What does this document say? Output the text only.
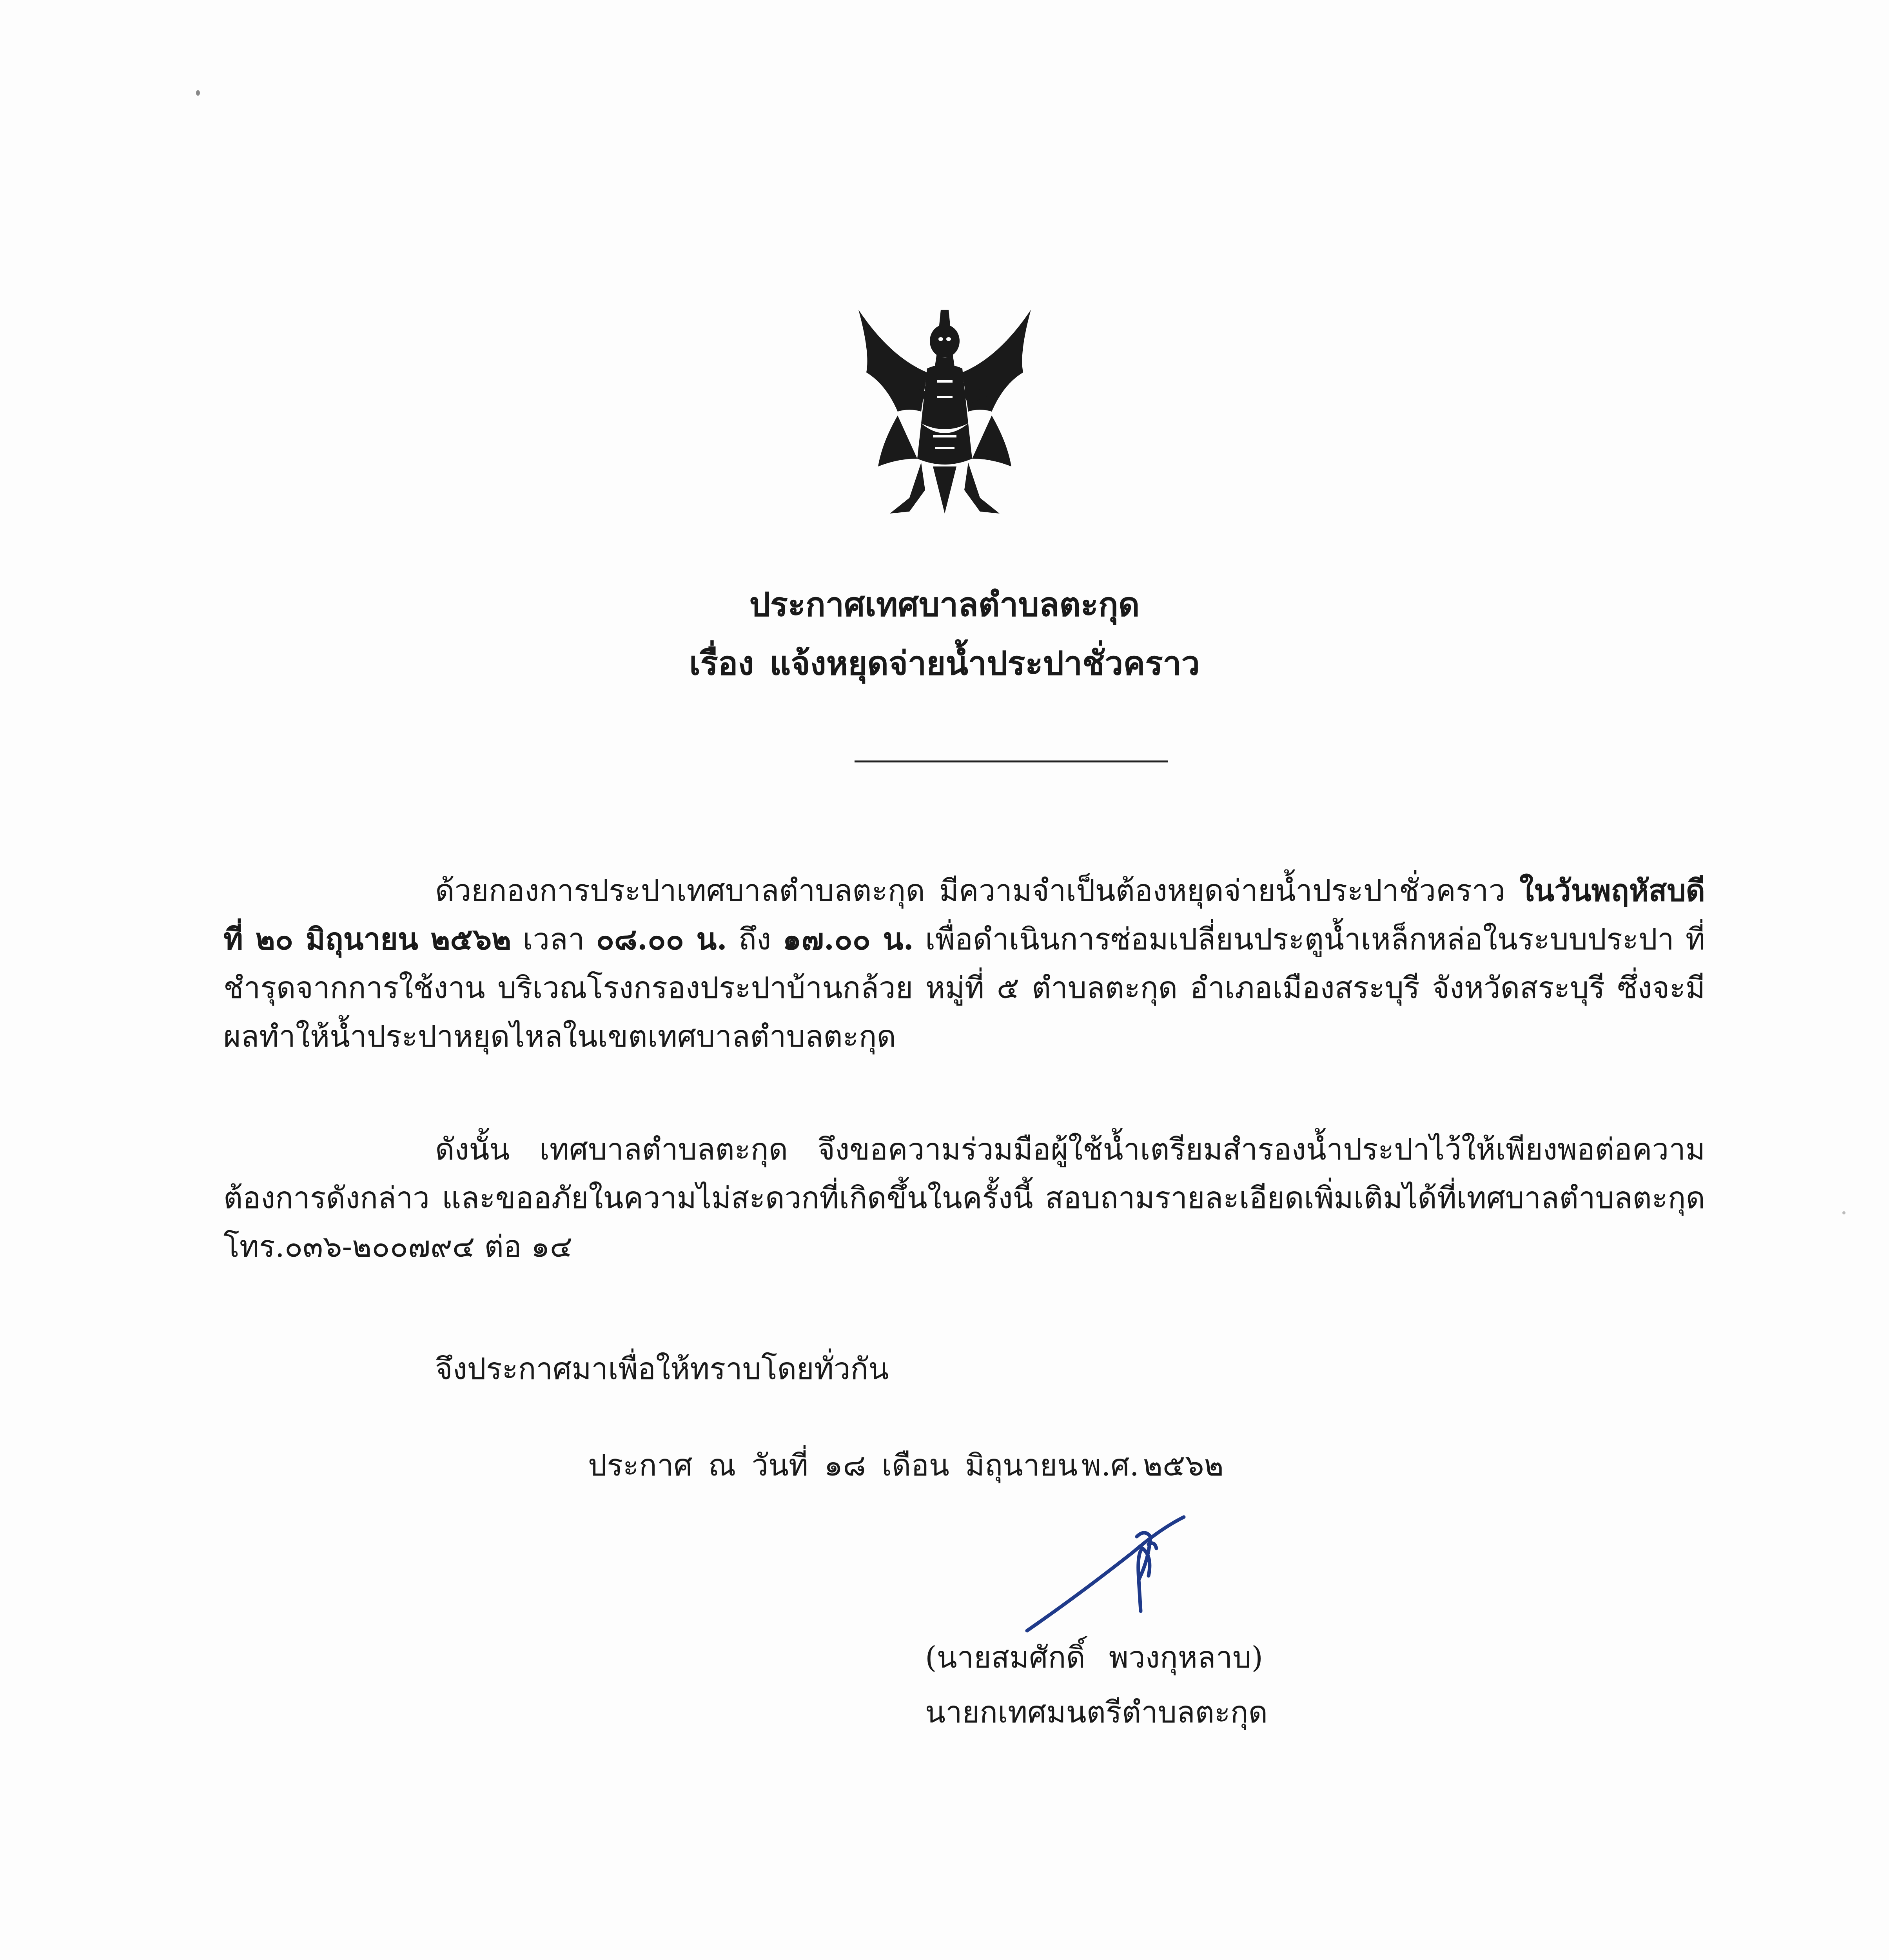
ประกาศเทศบาลตำบลตะกุด
เรื่อง แจ้งหยุดจ่ายน้ำประปาชั่วคราว
ด้วยกองการประปาเทศบาลตำบลตะกุด มีความจำเป็นต้องหยุดจ่ายน้ำประปาชั่วคราว ในวันพฤหัสบดีที่ ๒๐ มิถุนายน ๒๕๖๒ เวลา ๐๘.๐๐ น. ถึง ๑๗.๐๐ น. เพื่อดำเนินการซ่อมเปลี่ยนประตูน้ำเหล็กหล่อในระบบประปา ที่ชำรุดจากการใช้งาน บริเวณโรงกรองประปาบ้านกล้วย หมู่ที่ ๕ ตำบลตะกุด อำเภอเมืองสระบุรี จังหวัดสระบุรี ซึ่งจะมีผลทำให้น้ำประปาหยุดไหลในเขตเทศบาลตำบลตะกุด
ดังนั้น เทศบาลตำบลตะกุด จึงขอความร่วมมือผู้ใช้น้ำเตรียมสำรองน้ำประปาไว้ให้เพียงพอต่อความต้องการดังกล่าว และขออภัยในความไม่สะดวกที่เกิดขึ้นในครั้งนี้ สอบถามรายละเอียดเพิ่มเติมได้ที่เทศบาลตำบลตะกุด โทร.๐๓๖-๒๐๐๗๙๔ ต่อ ๑๔
จึงประกาศมาเพื่อให้ทราบโดยทั่วกัน
ประกาศ ณ วันที่ ๑๘ เดือน มิถุนายน พ.ศ. ๒๕๖๒
(นายสมศักดิ์ พวงกุหลาบ)
นายกเทศมนตรีตำบลตะกุด
